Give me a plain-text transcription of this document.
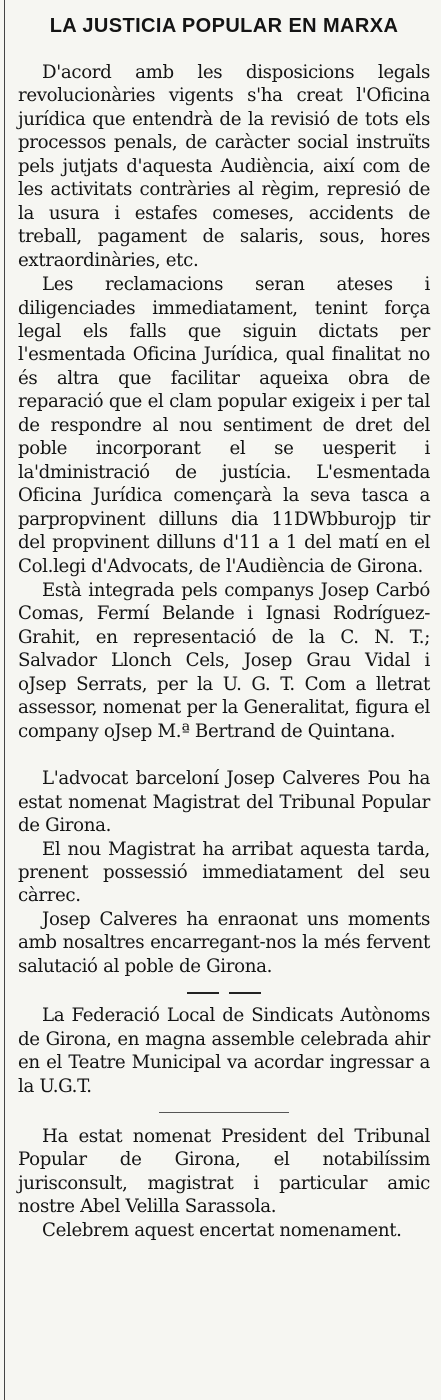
LA JUSTICIA POPULAR EN MARXA

D'acord amb les disposicions legals revolucionàries vigents s'ha creat l'Oficina jurídica que entendrà de la revisió de tots els processos penals, de caràcter social instruïts pels jutjats d'aquesta Audiència, així com de les activitats contràries al règim, represió de la usura i estafes comeses, accidents de treball, pagament de salaris, sous, hores extraordinàries, etc.

Les reclamacions seran ateses i diligenciades immediatament, tenint força legal els falls que siguin dictats per l'esmentada Oficina Jurídica, qual finalitat no és altra que facilitar aqueixa obra de reparació que el clam popular exigeix i per tal de respondre al nou sentiment de dret del poble incorporant el se uesperit i la'dministració de justícia. L'esmentada Oficina Jurídica començarà la seva tasca a parpropvinent dilluns dia 11DWbburojp tir del propvinent dilluns d'11 a 1 del matí en el Col.legi d'Advocats, de l'Audiència de Girona.

Està integrada pels companys Josep Carbó Comas, Fermí Belande i Ignasi Rodríguez-Grahit, en representació de la C. N. T.; Salvador Llonch Cels, Josep Grau Vidal i oJsep Serrats, per la U. G. T. Com a lletrat assessor, nomenat per la Generalitat, figura el company oJsep M.ª Bertrand de Quintana.

L'advocat barceloní Josep Calveres Pou ha estat nomenat Magistrat del Tribunal Popular de Girona.

El nou Magistrat ha arribat aquesta tarda, prenent possessió immediatament del seu càrrec.

Josep Calveres ha enraonat uns moments amb nosaltres encarregant-nos la més fervent salutació al poble de Girona.

La Federació Local de Sindicats Autònoms de Girona, en magna assemble celebrada ahir en el Teatre Municipal va acordar ingressar a la U.G.T.

Ha estat nomenat President del Tribunal Popular de Girona, el notabilíssim jurisconsult, magistrat i particular amic nostre Abel Velilla Sarassola.

Celebrem aquest encertat nomenament.
